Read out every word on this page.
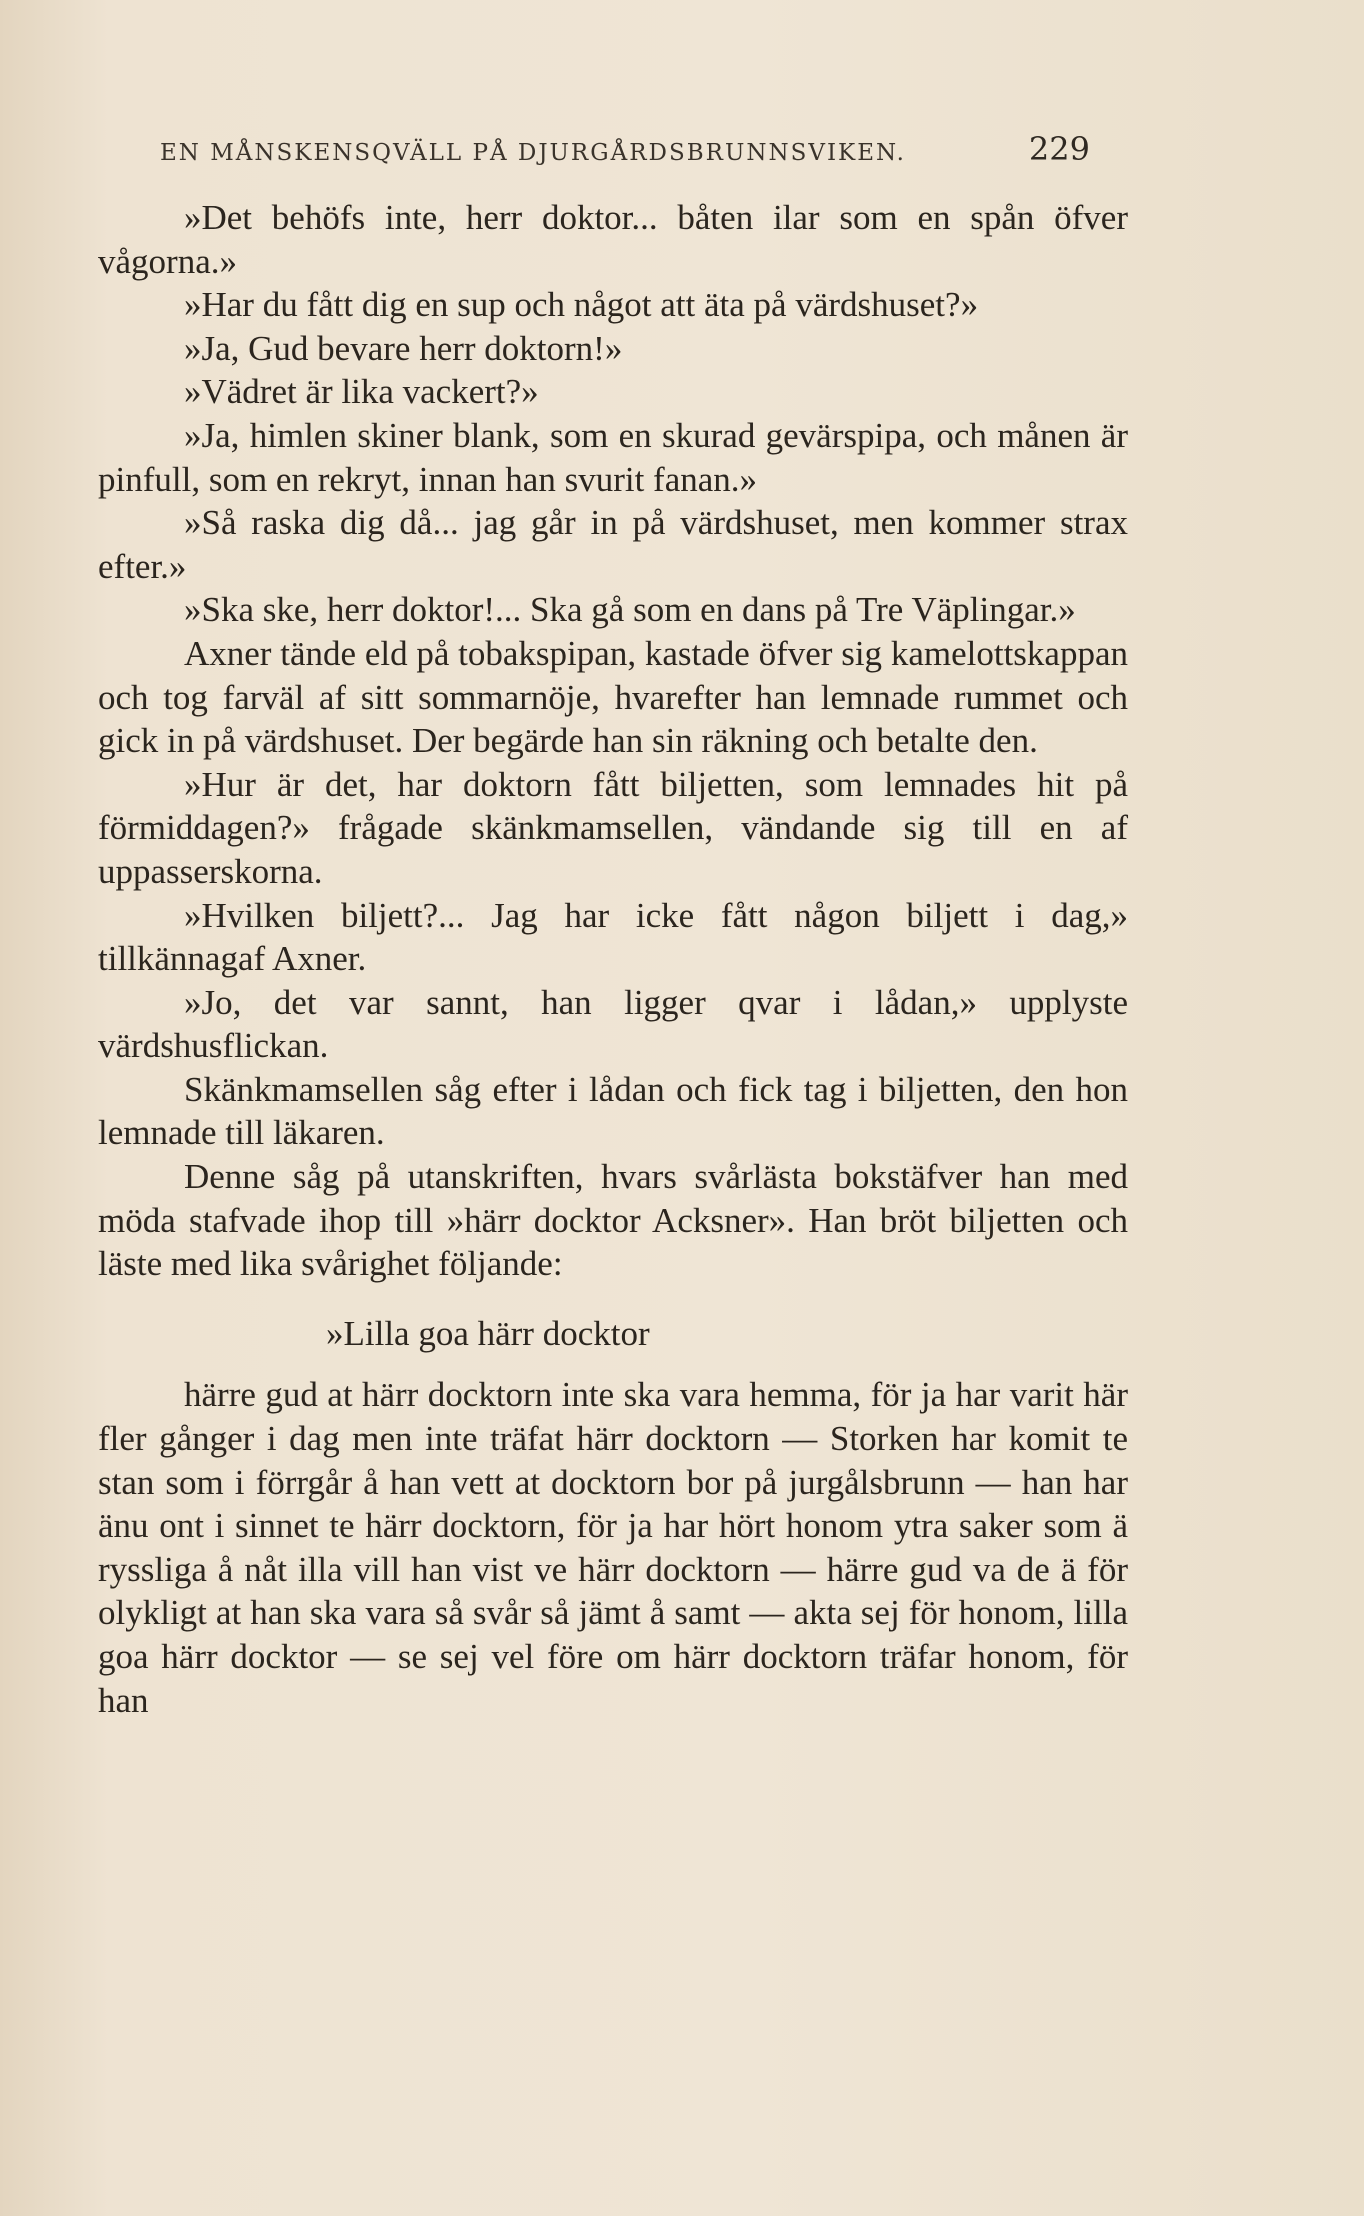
EN MÅNSKENSQVÄLL PÅ DJURGÅRDSBRUNNSVIKEN.	229

»Det behöfs inte, herr doktor... båten ilar som en spån öfver vågorna.»

»Har du fått dig en sup och något att äta på värdshuset?»

»Ja, Gud bevare herr doktorn!»

»Vädret är lika vackert?»

»Ja, himlen skiner blank, som en skurad gevärspipa, och månen är pinfull, som en rekryt, innan han svurit fanan.»

»Så raska dig då... jag går in på värdshuset, men kommer strax efter.»

»Ska ske, herr doktor!... Ska gå som en dans på Tre Väplingar.»

Axner tände eld på tobakspipan, kastade öfver sig kamelottskappan och tog farväl af sitt sommarnöje, hvarefter han lemnade rummet och gick in på värdshuset. Der begärde han sin räkning och betalte den.

»Hur är det, har doktorn fått biljetten, som lemnades hit på förmiddagen?» frågade skänkmamsellen, vändande sig till en af uppasserskorna.

»Hvilken biljett?... Jag har icke fått någon biljett i dag,» tillkännagaf Axner.

»Jo, det var sannt, han ligger qvar i lådan,» upplyste värdshusflickan.

Skänkmamsellen såg efter i lådan och fick tag i biljetten, den hon lemnade till läkaren.

Denne såg på utanskriften, hvars svårlästa bokstäfver han med möda stafvade ihop till »härr docktor Acksner». Han bröt biljetten och läste med lika svårighet följande:

»Lilla goa härr docktor

härre gud at härr docktorn inte ska vara hemma, för ja har varit här fler gånger i dag men inte träfat härr docktorn — Storken har komit te stan som i förrgår å han vett at docktorn bor på jurgålsbrunn — han har änu ont i sinnet te härr docktorn, för ja har hört honom ytra saker som ä ryssliga å nåt illa vill han vist ve härr docktorn — härre gud va de ä för olykligt at han ska vara så svår så jämt å samt — akta sej för honom, lilla goa härr docktor — se sej vel före om härr docktorn träfar honom, för han
